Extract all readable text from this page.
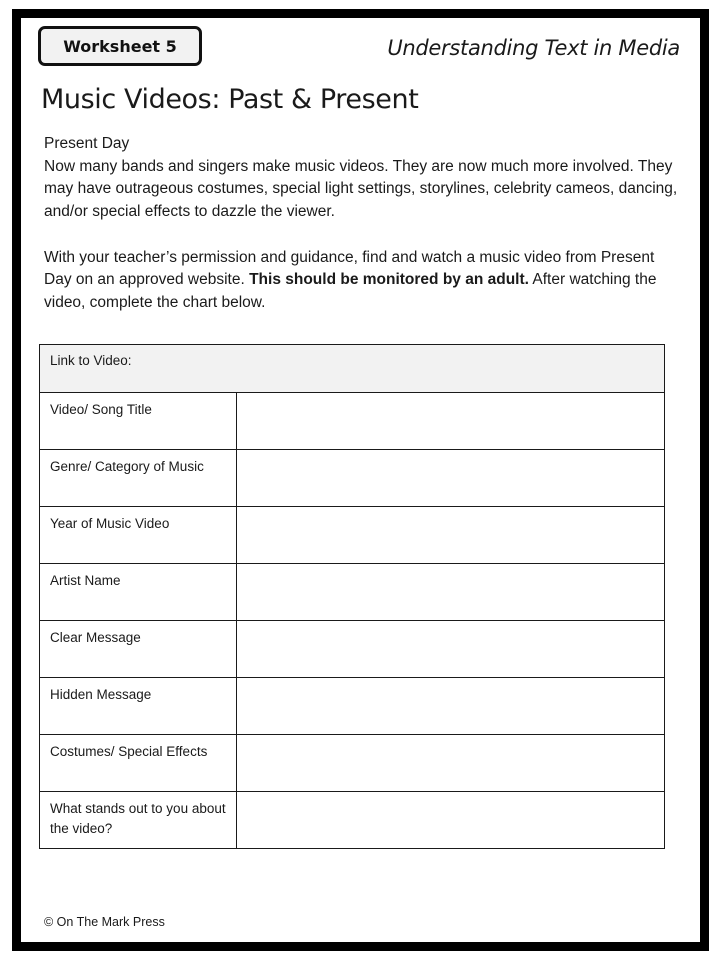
Worksheet 5	Understanding Text in Media
Music Videos: Past & Present
Present Day

Now many bands and singers make music videos. They are now much more involved. They may have outrageous costumes, special light settings, storylines, celebrity cameos, dancing, and/or special effects to dazzle the viewer.

With your teacher’s permission and guidance, find and watch a music video from Present Day on an approved website. This should be monitored by an adult. After watching the video, complete the chart below.

Link to Video:	
Video/ Song Title	
Genre/ Category of Music	
Year of Music Video	
Artist Name	
Clear Message	
Hidden Message	
Costumes/ Special Effects	
What stands out to you about the video?	
© On The Mark Press
